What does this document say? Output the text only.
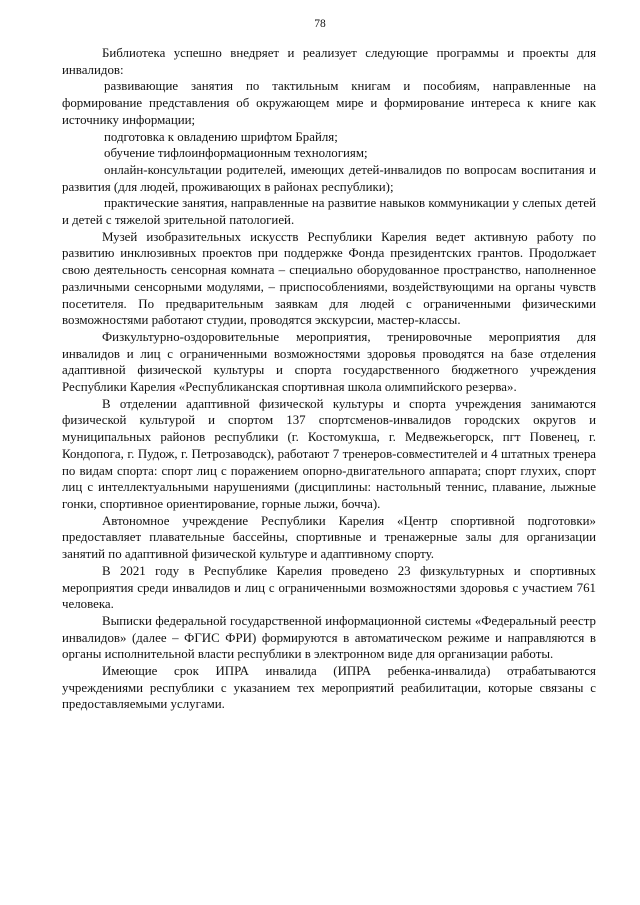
78

Библиотека успешно внедряет и реализует следующие программы и проекты для инвалидов:

развивающие занятия по тактильным книгам и пособиям, направленные на формирование представления об окружающем мире и формирование интереса к книге как источнику информации;

подготовка к овладению шрифтом Брайля;

обучение тифлоинформационным технологиям;

онлайн-консультации родителей, имеющих детей-инвалидов по вопросам воспитания и развития (для людей, проживающих в районах республики);

практические занятия, направленные на развитие навыков коммуникации у слепых детей и детей с тяжелой зрительной патологией.

Музей изобразительных искусств Республики Карелия ведет активную работу по развитию инклюзивных проектов при поддержке Фонда президентских грантов. Продолжает свою деятельность сенсорная комната – специально оборудованное пространство, наполненное различными сенсорными модулями, – приспособлениями, воздействующими на органы чувств посетителя. По предварительным заявкам для людей с ограниченными физическими возможностями работают студии, проводятся экскурсии, мастер-классы.

Физкультурно-оздоровительные мероприятия, тренировочные мероприятия для инвалидов и лиц с ограниченными возможностями здоровья проводятся на базе отделения адаптивной физической культуры и спорта государственного бюджетного учреждения Республики Карелия «Республиканская спортивная школа олимпийского резерва».

В отделении адаптивной физической культуры и спорта учреждения занимаются физической культурой и спортом 137 спортсменов-инвалидов городских округов и муниципальных районов республики (г. Костомукша, г. Медвежьегорск, пгт Повенец, г. Кондопога, г. Пудож, г. Петрозаводск), работают 7 тренеров-совместителей и 4 штатных тренера по видам спорта: спорт лиц с поражением опорно-двигательного аппарата; спорт глухих, спорт лиц с интеллектуальными нарушениями (дисциплины: настольный теннис, плавание, лыжные гонки, спортивное ориентирование, горные лыжи, бочча).

Автономное учреждение Республики Карелия «Центр спортивной подготовки» предоставляет плавательные бассейны, спортивные и тренажерные залы для организации занятий по адаптивной физической культуре и адаптивному спорту.

В 2021 году в Республике Карелия проведено 23 физкультурных и спортивных мероприятия среди инвалидов и лиц с ограниченными возможностями здоровья с участием 761 человека.

Выписки федеральной государственной информационной системы «Федеральный реестр инвалидов» (далее – ФГИС ФРИ) формируются в автоматическом режиме и направляются в органы исполнительной власти республики в электронном виде для организации работы.

Имеющие срок ИПРА инвалида (ИПРА ребенка-инвалида) отрабатываются учреждениями республики с указанием тех мероприятий реабилитации, которые связаны с предоставляемыми услугами.
